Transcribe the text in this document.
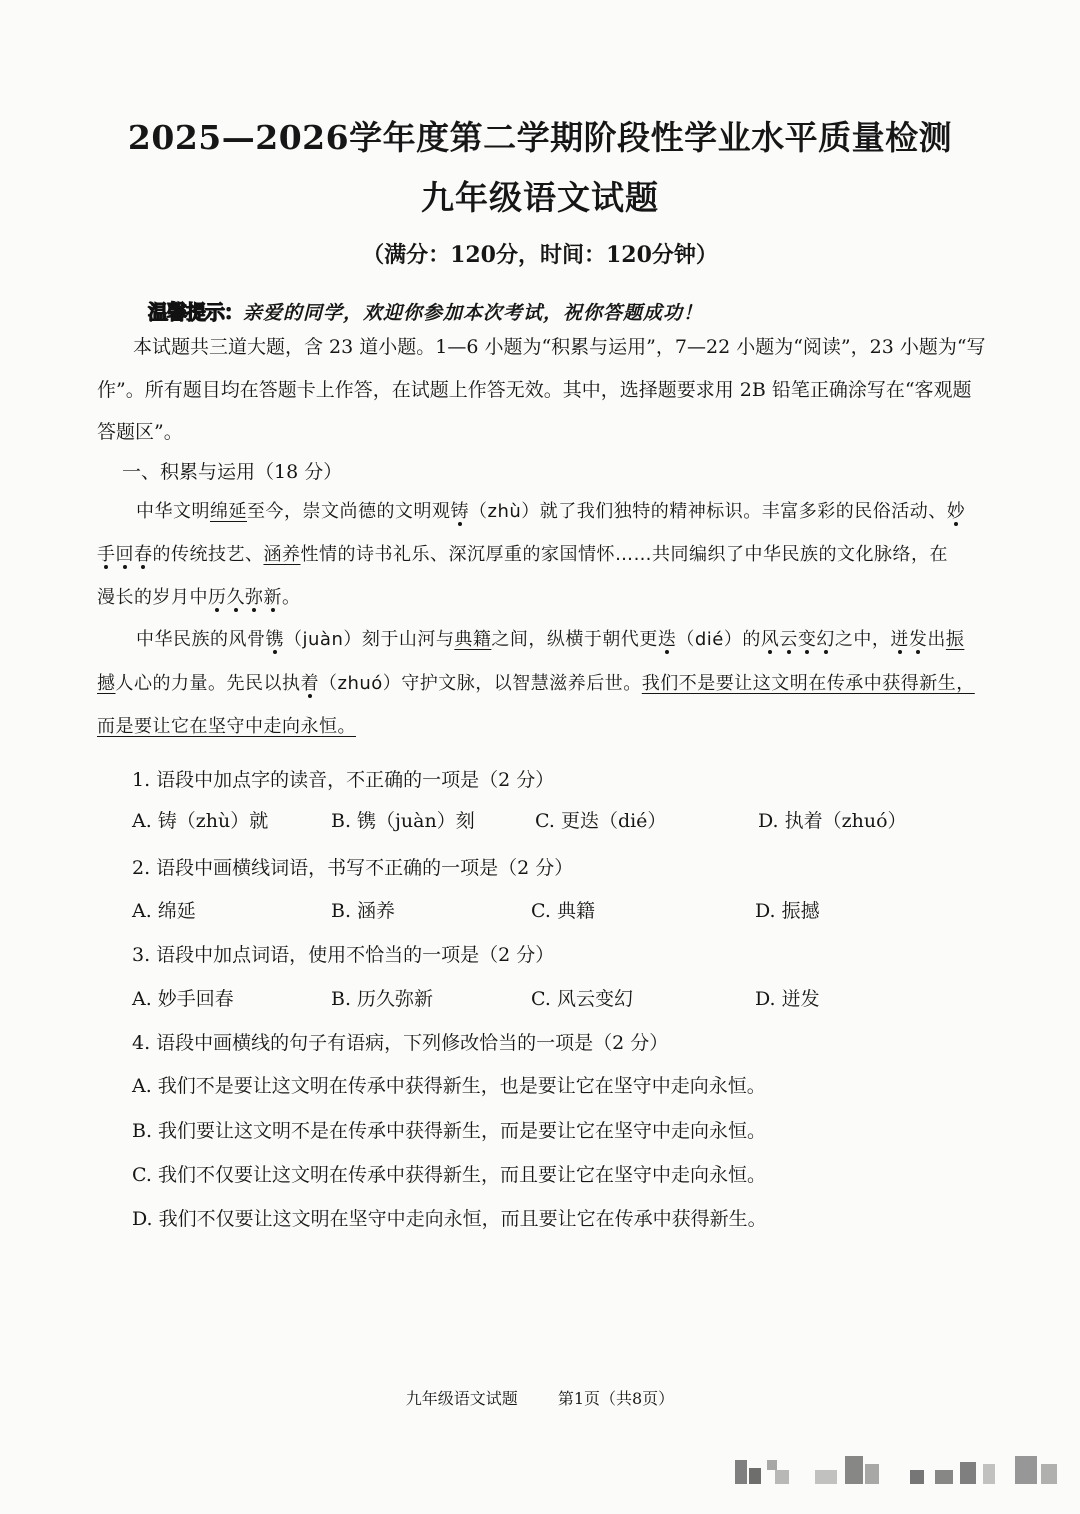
2025—2026学年度第二学期阶段性学业水平质量检测
九年级语文试题
（满分：120分，时间：120分钟）
温馨提示：亲爱的同学，欢迎你参加本次考试，祝你答题成功！

本试题共三道大题，含 23 道小题。1—6 小题为“积累与运用”，7—22 小题为“阅读”，23 小题为“写

作”。所有题目均在答题卡上作答，在试题上作答无效。其中，选择题要求用 2B 铅笔正确涂写在“客观题

答题区”。

一、积累与运用（18 分）

中华文明绵延至今，崇文尚德的文明观铸（zhù）就了我们独特的精神标识。丰富多彩的民俗活动、妙

手回春的传统技艺、涵养性情的诗书礼乐、深沉厚重的家国情怀……共同编织了中华民族的文化脉络，在

漫长的岁月中历久弥新。

中华民族的风骨镌（juàn）刻于山河与典籍之间，纵横于朝代更迭（dié）的风云变幻之中，迸发出振

撼人心的力量。先民以执着（zhuó）守护文脉，以智慧滋养后世。我们不是要让这文明在传承中获得新生，

而是要让它在坚守中走向永恒。

1. 语段中加点字的读音，不正确的一项是（2 分）
A. 铸（zhù）就	B. 镌（juàn）刻	C. 更迭（dié）	D. 执着（zhuó）
2. 语段中画横线词语，书写不正确的一项是（2 分）
A. 绵延	B. 涵养	C. 典籍	D. 振撼
3. 语段中加点词语，使用不恰当的一项是（2 分）
A. 妙手回春	B. 历久弥新	C. 风云变幻	D. 迸发
4. 语段中画横线的句子有语病，下列修改恰当的一项是（2 分）
A. 我们不是要让这文明在传承中获得新生，也是要让它在坚守中走向永恒。
B. 我们要让这文明不是在传承中获得新生，而是要让它在坚守中走向永恒。
C. 我们不仅要让这文明在传承中获得新生，而且要让它在坚守中走向永恒。
D. 我们不仅要让这文明在坚守中走向永恒，而且要让它在传承中获得新生。
九年级语文试题	第1页（共8页）
